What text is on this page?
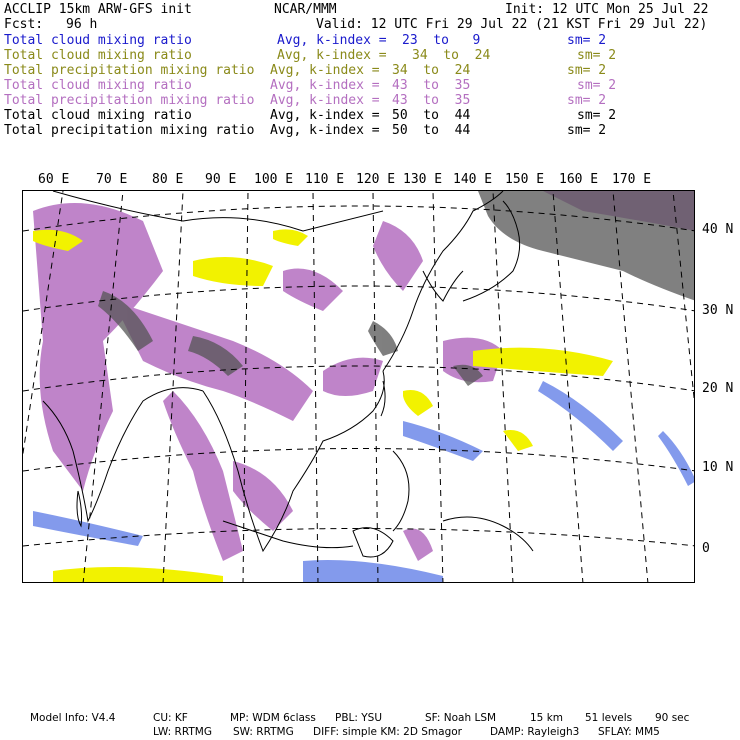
ACCLIP 15km ARW-GFS init	NCAR/MMM	Init: 12 UTC Mon 25 Jul 22
Fcst: 96 h	Valid: 12 UTC Fri 29 Jul 22 (21 KST Fri 29 Jul 22)
Total cloud mixing ratio	Avg, k-index = 23  to   9	sm= 2
Total cloud mixing ratio	Avg, k-index = 34  to  24	sm= 2
Total precipitation mixing ratio Avg, k-index = 34  to  24	sm= 2
Total cloud mixing ratio	Avg, k-index = 43  to  35	sm= 2
Total precipitation mixing ratio Avg, k-index = 43  to  35	sm= 2
Total cloud mixing ratio	Avg, k-index = 50  to  44	sm= 2
Total precipitation mixing ratio Avg, k-index = 50  to  44	sm= 2
60 E 70 E 80 E 90 E 100 E 110 E 120 E 130 E 140 E 150 E 160 E 170 E
40 N
30 N
20 N
10 N
0
Model Info: V4.4	CU: KF	MP: WDM 6class PBL: YSU	SF: Noah LSM	15 km 51 levels 90 sec
LW: RRTMG SW: RRTMG DIFF: simple KM: 2D Smagor	DAMP: Rayleigh3 SFLAY: MM5
